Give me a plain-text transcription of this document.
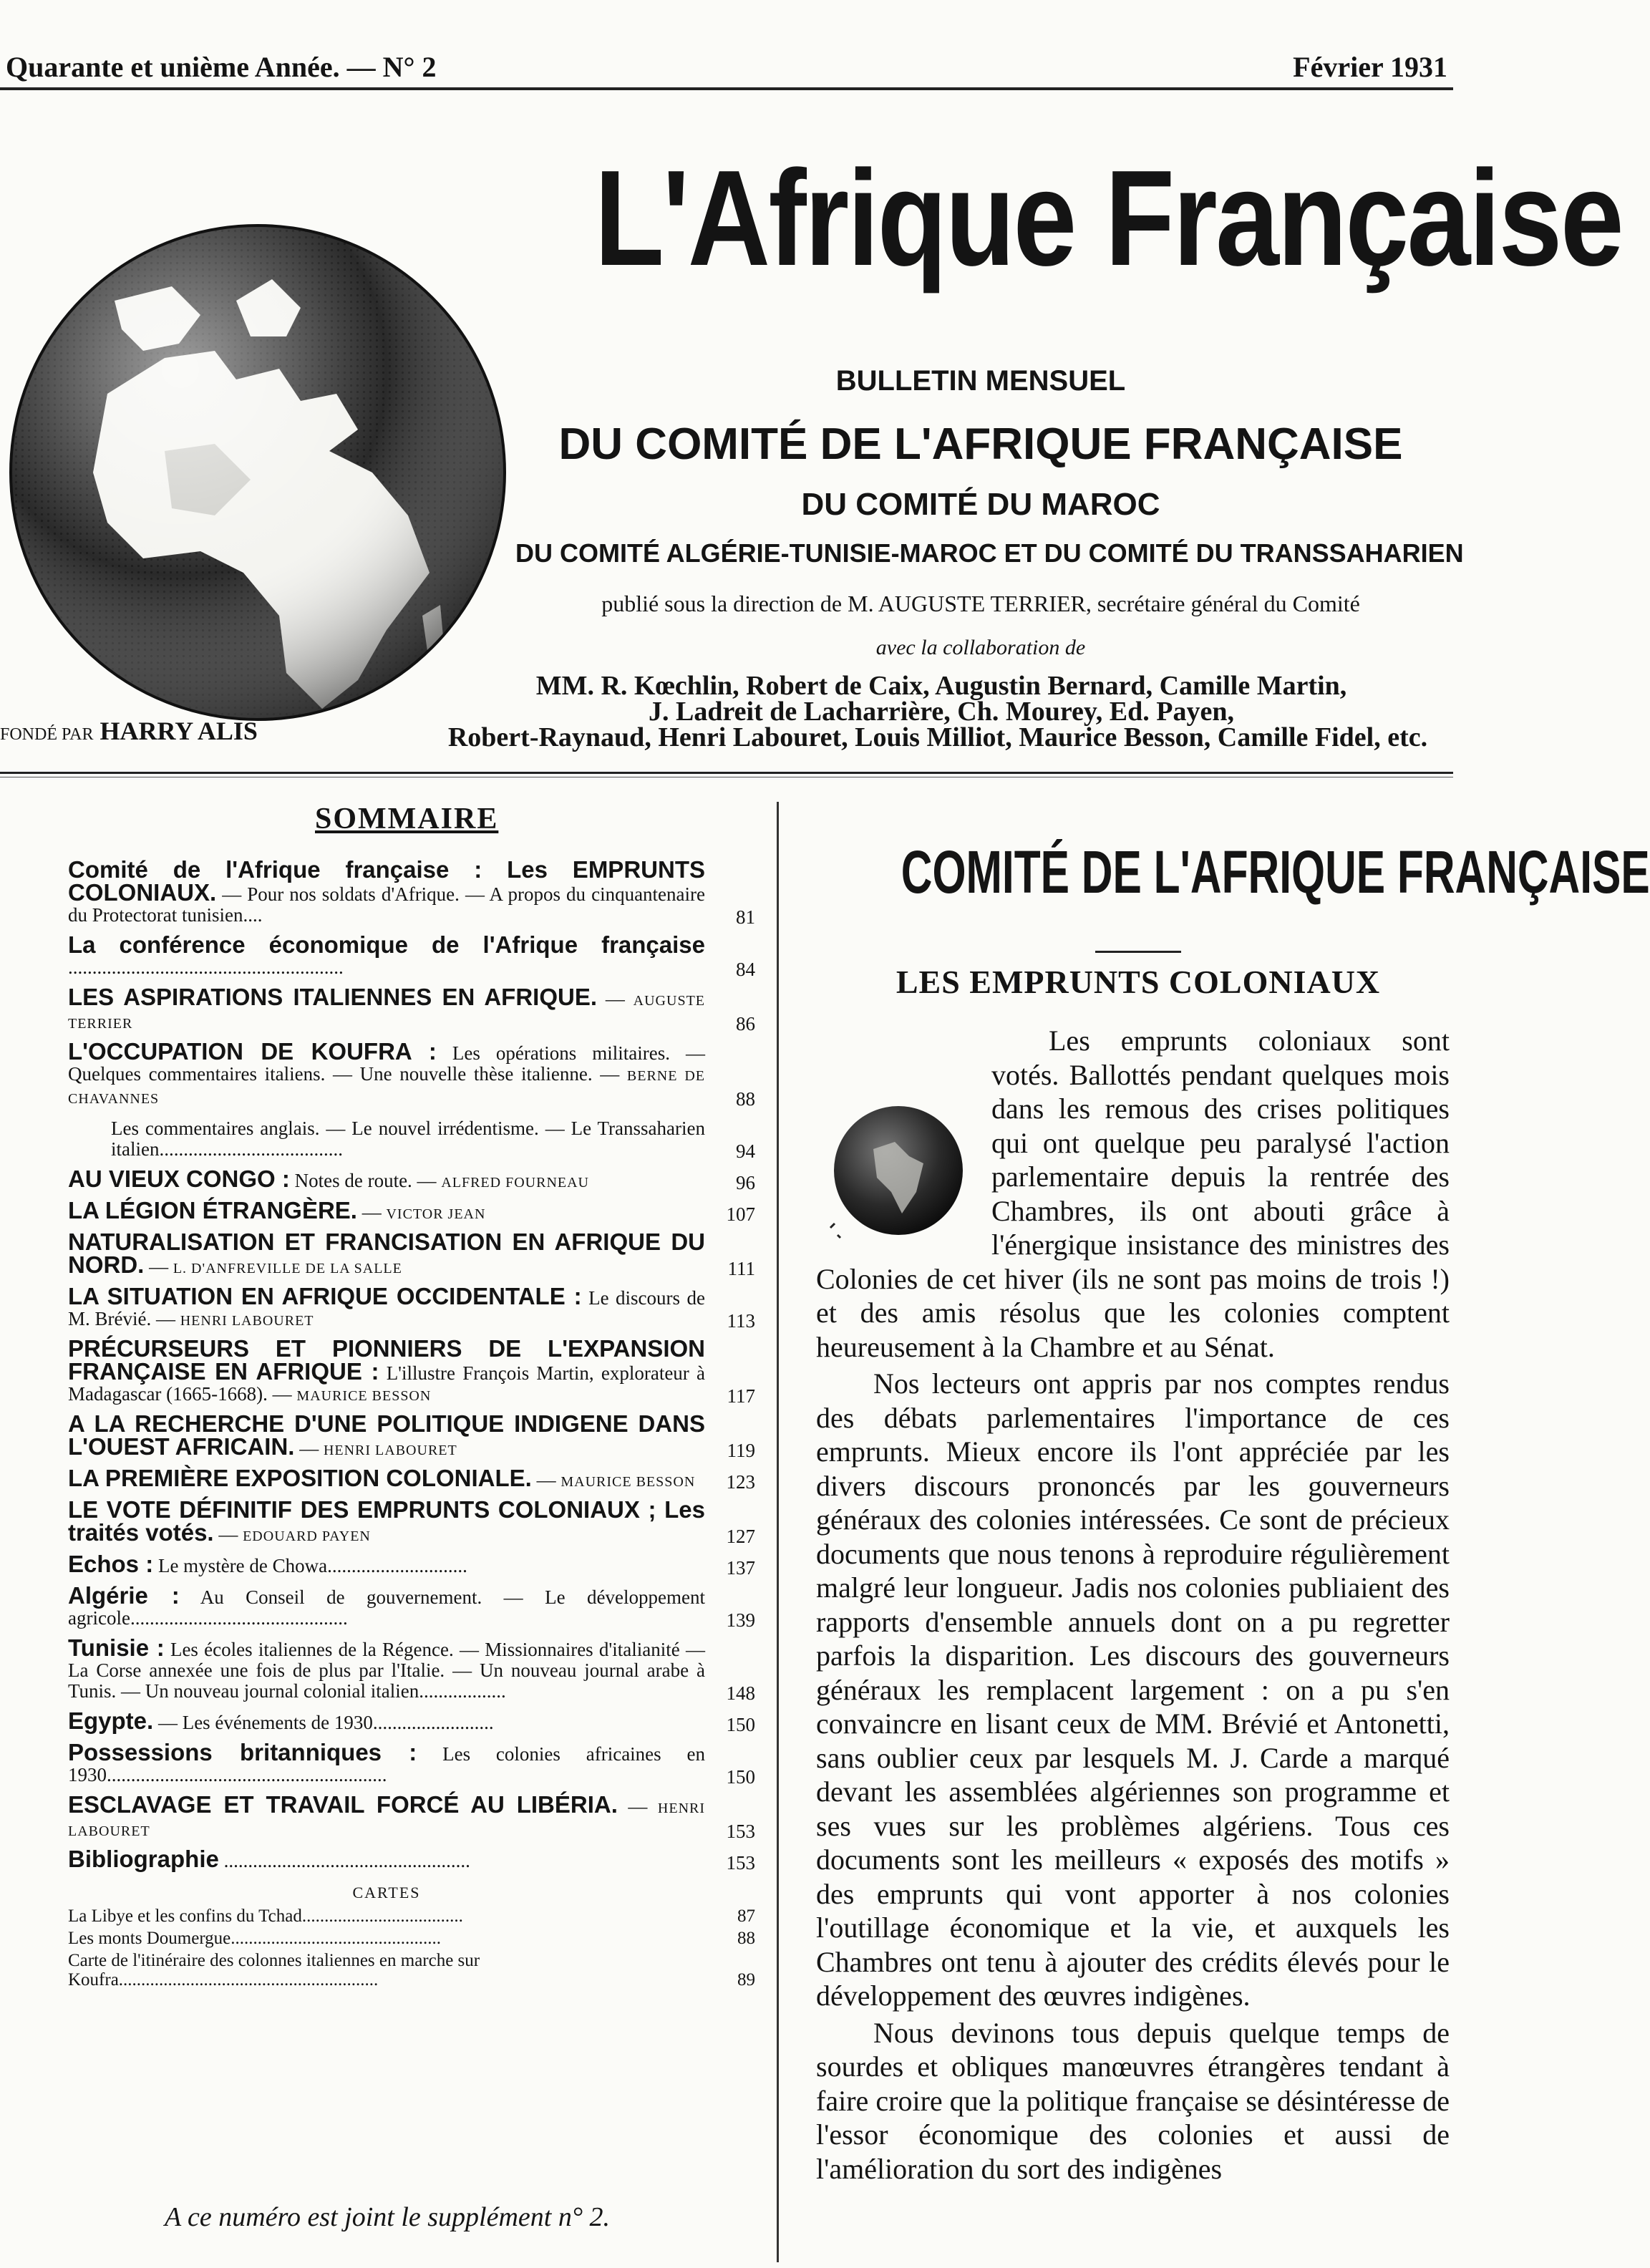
Quarante et unième Année. — N° 2	Février 1931
L'Afrique Française
BULLETIN MENSUEL
DU COMITÉ DE L'AFRIQUE FRANÇAISE
DU COMITÉ DU MAROC
DU COMITÉ ALGÉRIE-TUNISIE-MAROC ET DU COMITÉ DU TRANSSAHARIEN
publié sous la direction de M. AUGUSTE TERRIER, secrétaire général du Comité
avec la collaboration de
MM. R. Kœchlin, Robert de Caix, Augustin Bernard, Camille Martin,
J. Ladreit de Lacharrière, Ch. Mourey, Ed. Payen,
Robert-Raynaud, Henri Labouret, Louis Milliot, Maurice Besson, Camille Fidel, etc.
FONDÉ PAR HARRY ALIS
SOMMAIRE
Comité de l'Afrique française : Les EMPRUNTS COLONIAUX. — Pour nos soldats d'Afrique. — A propos du cinquantenaire du Protectorat tunisien....	81
La conférence économique de l'Afrique française .........................................................	84
LES ASPIRATIONS ITALIENNES EN AFRIQUE. — AUGUSTE TERRIER	86
L'OCCUPATION DE KOUFRA : Les opérations militaires. — Quelques commentaires italiens. — Une nouvelle thèse italienne. — BERNE DE CHAVANNES	88
Les commentaires anglais. — Le nouvel irrédentisme. — Le Transsaharien italien......................................	94
AU VIEUX CONGO : Notes de route. — ALFRED FOURNEAU	96
LA LÉGION ÉTRANGÈRE. — VICTOR JEAN	107
NATURALISATION ET FRANCISATION EN AFRIQUE DU NORD. — L. D'ANFREVILLE DE LA SALLE	111
LA SITUATION EN AFRIQUE OCCIDENTALE : Le discours de M. Brévié. — HENRI LABOURET	113
PRÉCURSEURS ET PIONNIERS DE L'EXPANSION FRANÇAISE EN AFRIQUE : L'illustre François Martin, explorateur à Madagascar (1665-1668). — MAURICE BESSON	117
A LA RECHERCHE D'UNE POLITIQUE INDIGENE DANS L'OUEST AFRICAIN. — HENRI LABOURET	119
LA PREMIÈRE EXPOSITION COLONIALE. — MAURICE BESSON	123
LE VOTE DÉFINITIF DES EMPRUNTS COLONIAUX ; Les traités votés. — EDOUARD PAYEN	127
Echos : Le mystère de Chowa.............................	137
Algérie : Au Conseil de gouvernement. — Le développement agricole.............................................	139
Tunisie : Les écoles italiennes de la Régence. — Missionnaires d'italianité — La Corse annexée une fois de plus par l'Italie. — Un nouveau journal arabe à Tunis. — Un nouveau journal colonial italien..................	148
Egypte. — Les événements de 1930.........................	150
Possessions britanniques : Les colonies africaines en 1930..........................................................	150
ESCLAVAGE ET TRAVAIL FORCÉ AU LIBÉRIA. — HENRI LABOURET	153
Bibliographie ...................................................	153
CARTES
La Libye et les confins du Tchad....................................	87
Les monts Doumergue...............................................	88
Carte de l'itinéraire des colonnes italiennes en marche sur Koufra..........................................................	89
A ce numéro est joint le supplément n° 2.
COMITÉ DE L'AFRIQUE FRANÇAISE
LES EMPRUNTS COLONIAUX

Les emprunts coloniaux sont votés. Ballottés pendant quelques mois dans les remous des crises politiques qui ont quelque peu paralysé l'action parlementaire depuis la rentrée des Chambres, ils ont abouti grâce à l'énergique insistance des ministres des Colonies de cet hiver (ils ne sont pas moins de trois !) et des amis résolus que les colonies comptent heureusement à la Chambre et au Sénat.

Nos lecteurs ont appris par nos comptes rendus des débats parlementaires l'importance de ces emprunts. Mieux encore ils l'ont appréciée par les divers discours prononcés par les gouverneurs généraux des colonies intéressées. Ce sont de précieux documents que nous tenons à reproduire régulièrement malgré leur longueur. Jadis nos colonies publiaient des rapports d'ensemble annuels dont on a pu regretter parfois la disparition. Les discours des gouverneurs généraux les remplacent largement : on a pu s'en convaincre en lisant ceux de MM. Brévié et Antonetti, sans oublier ceux par lesquels M. J. Carde a marqué devant les assemblées algériennes son programme et ses vues sur les problèmes algériens. Tous ces documents sont les meilleurs « exposés des motifs » des emprunts qui vont apporter à nos colonies l'outillage économique et la vie, et auxquels les Chambres ont tenu à ajouter des crédits élevés pour le développement des œuvres indigènes.

Nous devinons tous depuis quelque temps de sourdes et obliques manœuvres étrangères tendant à faire croire que la politique française se désintéresse de l'essor économique des colonies et aussi de l'amélioration du sort des indigènes
